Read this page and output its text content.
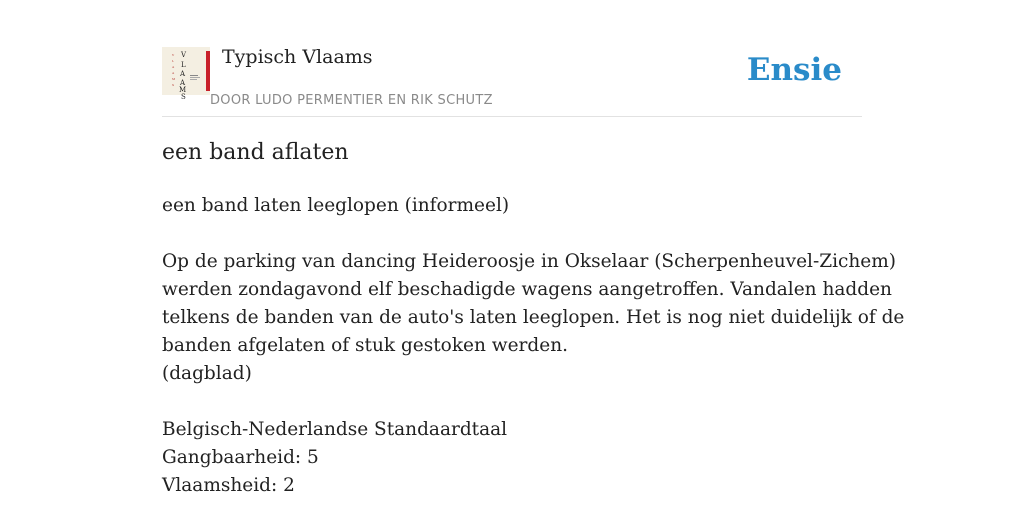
V
L
A
A
M
S
V
L
A
A
M
S
Typisch Vlaams
DOOR LUDO PERMENTIER EN RIK SCHUTZ
Ensie
een band aflaten
een band laten leeglopen (informeel)
Op de parking van dancing Heideroosje in Okselaar (Scherpenheuvel-Zichem)
werden zondagavond elf beschadigde wagens aangetroffen. Vandalen hadden
telkens de banden van de auto's laten leeglopen. Het is nog niet duidelijk of de
banden afgelaten of stuk gestoken werden.
(dagblad)
Belgisch-Nederlandse Standaardtaal
Gangbaarheid: 5
Vlaamsheid: 2
